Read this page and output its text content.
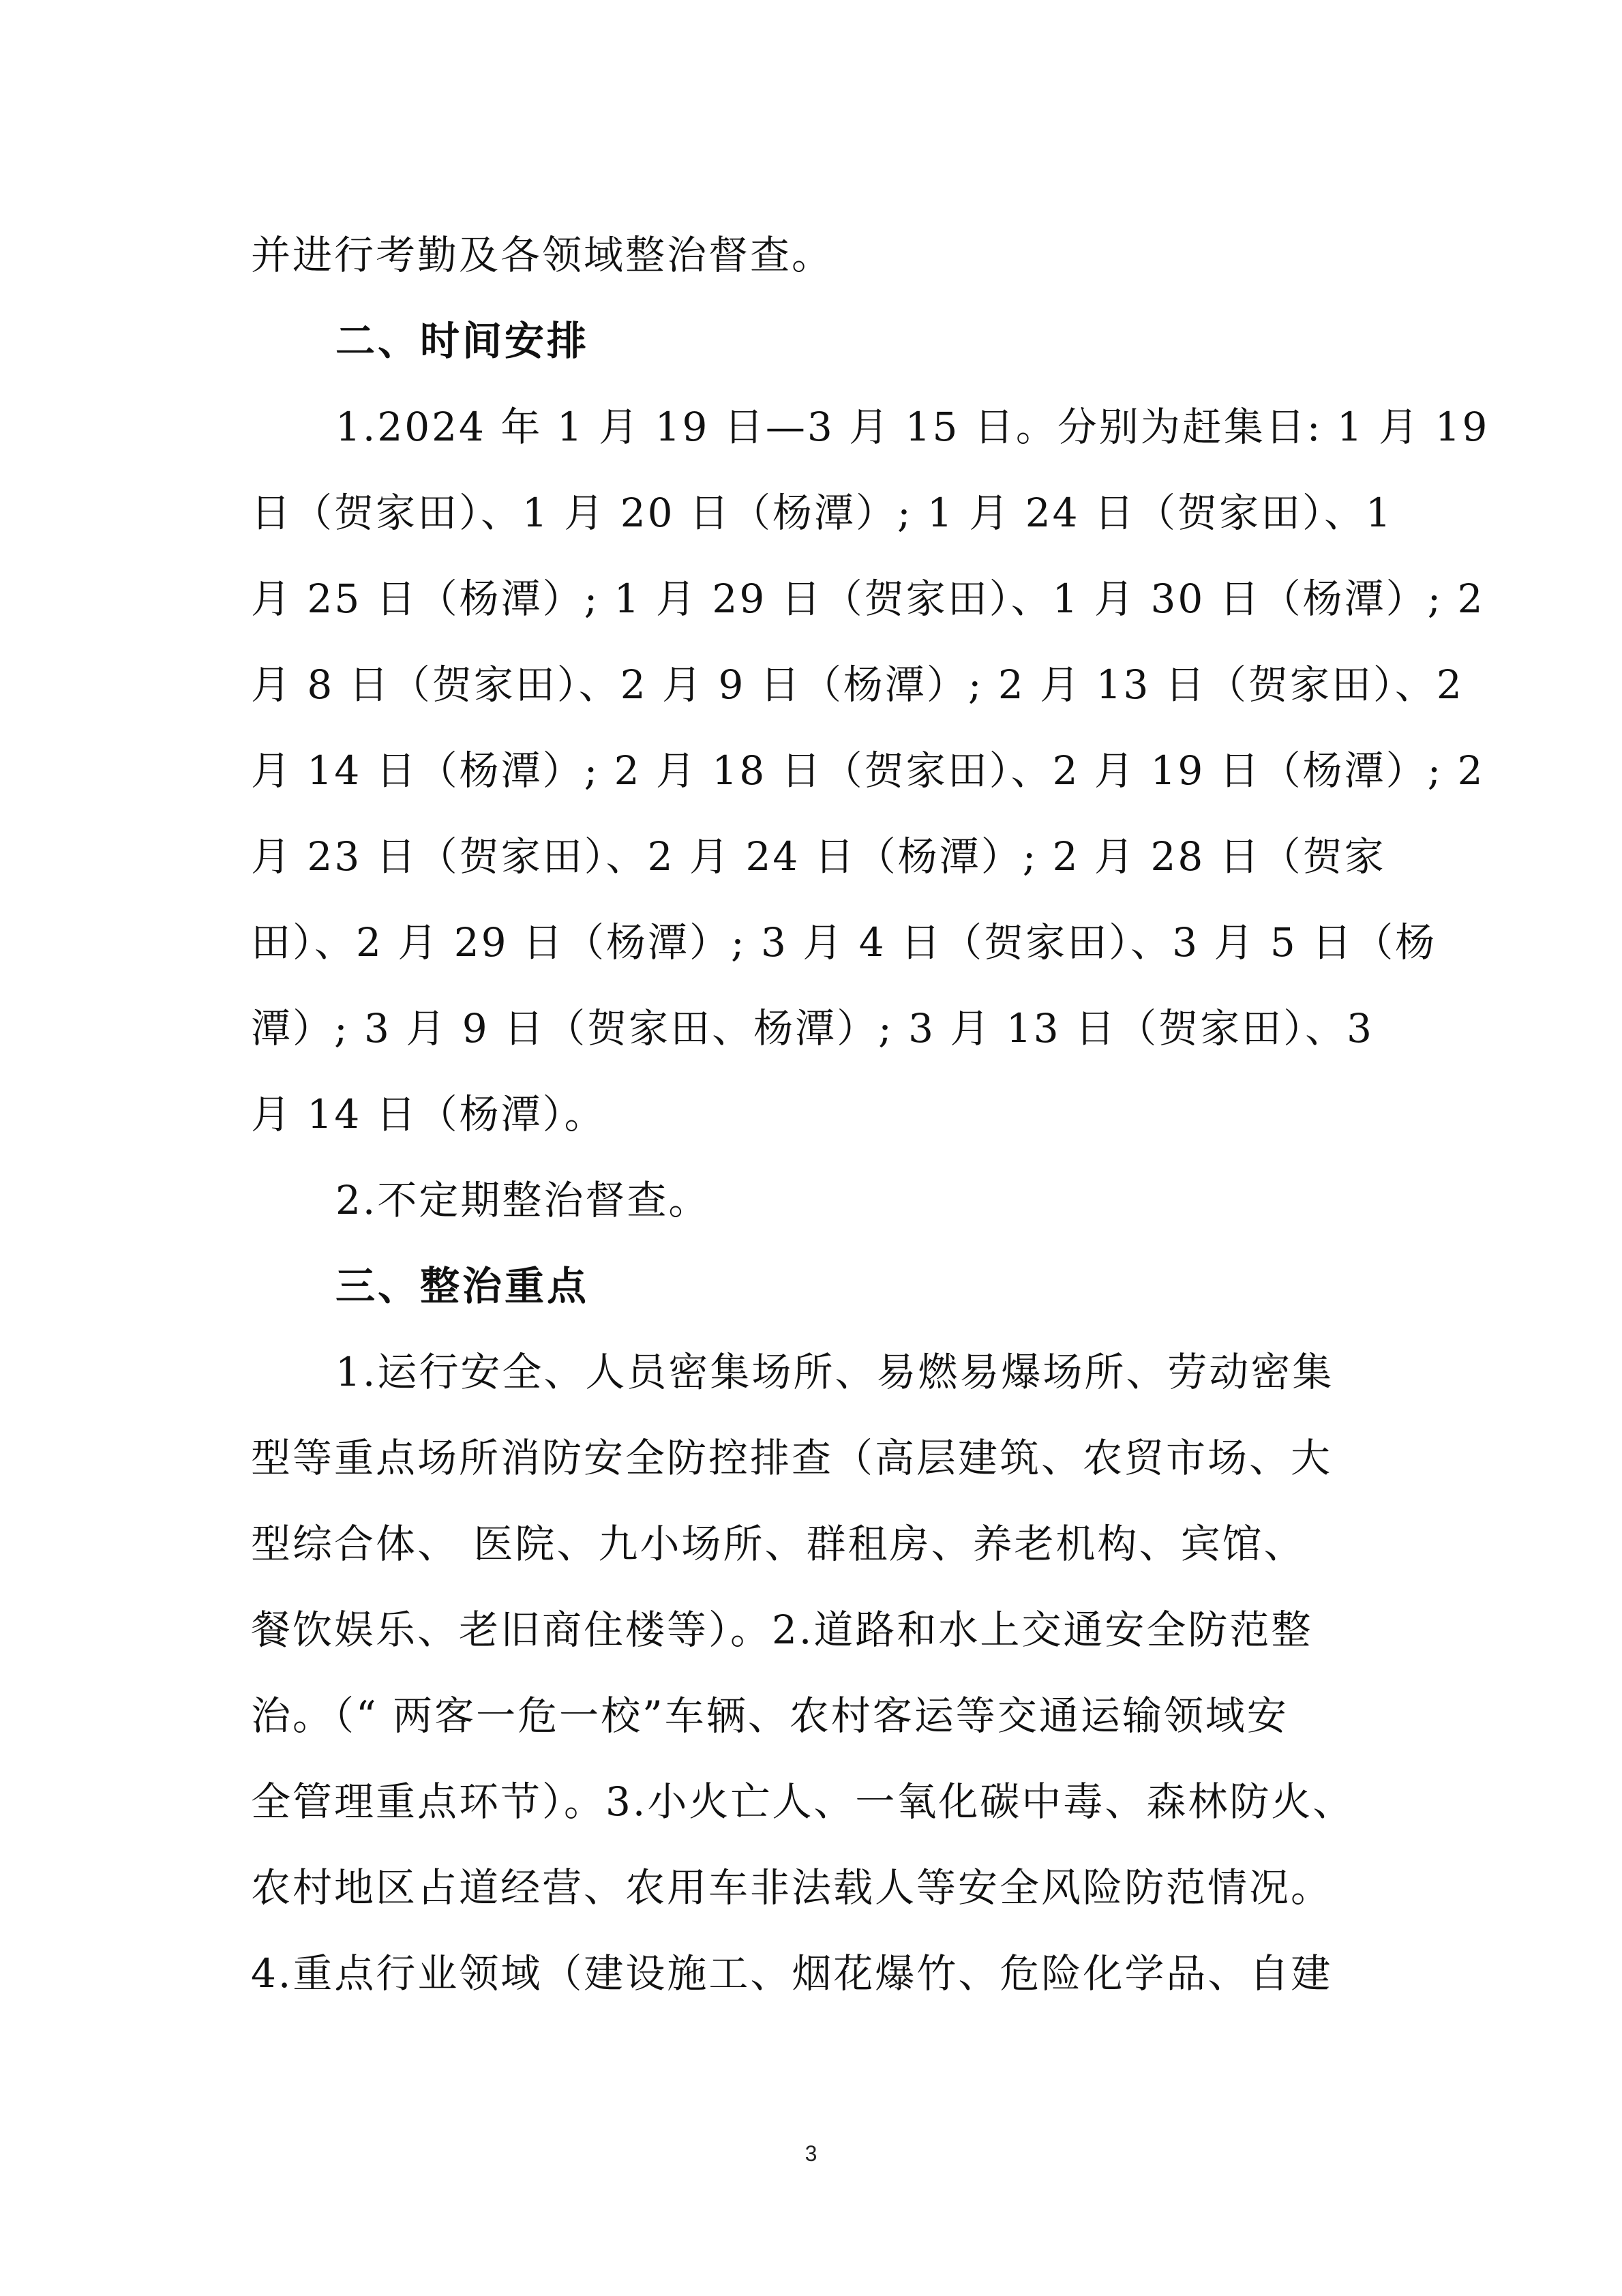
并进行考勤及各领域整治督查。
二、时间安排
1.2024 年 1 月 19 日—3 月 15 日。分别为赶集日: 1 月 19
日（贺家田）、1 月 20 日（杨潭）; 1 月 24 日（贺家田）、1
月 25 日（杨潭）; 1 月 29 日（贺家田）、1 月 30 日（杨潭）; 2
月 8 日（贺家田）、2 月 9 日（杨潭）; 2 月 13 日（贺家田）、2
月 14 日（杨潭）; 2 月 18 日（贺家田）、2 月 19 日（杨潭）; 2
月 23 日（贺家田）、2 月 24 日（杨潭）; 2 月 28 日（贺家
田）、2 月 29 日（杨潭）; 3 月 4 日（贺家田）、3 月 5 日（杨
潭）; 3 月 9 日（贺家田、杨潭）; 3 月 13 日（贺家田）、3
月 14 日（杨潭）。
2.不定期整治督查。
三、整治重点
1.运行安全、人员密集场所、易燃易爆场所、劳动密集
型等重点场所消防安全防控排查（高层建筑、农贸市场、大
型综合体、 医院、九小场所、群租房、养老机构、宾馆、
餐饮娱乐、老旧商住楼等）。2.道路和水上交通安全防范整
治。（“ 两客一危一校”车辆、农村客运等交通运输领域安
全管理重点环节）。3.小火亡人、一氧化碳中毒、森林防火、
农村地区占道经营、农用车非法载人等安全风险防范情况。
4.重点行业领域（建设施工、烟花爆竹、危险化学品、自建
3
